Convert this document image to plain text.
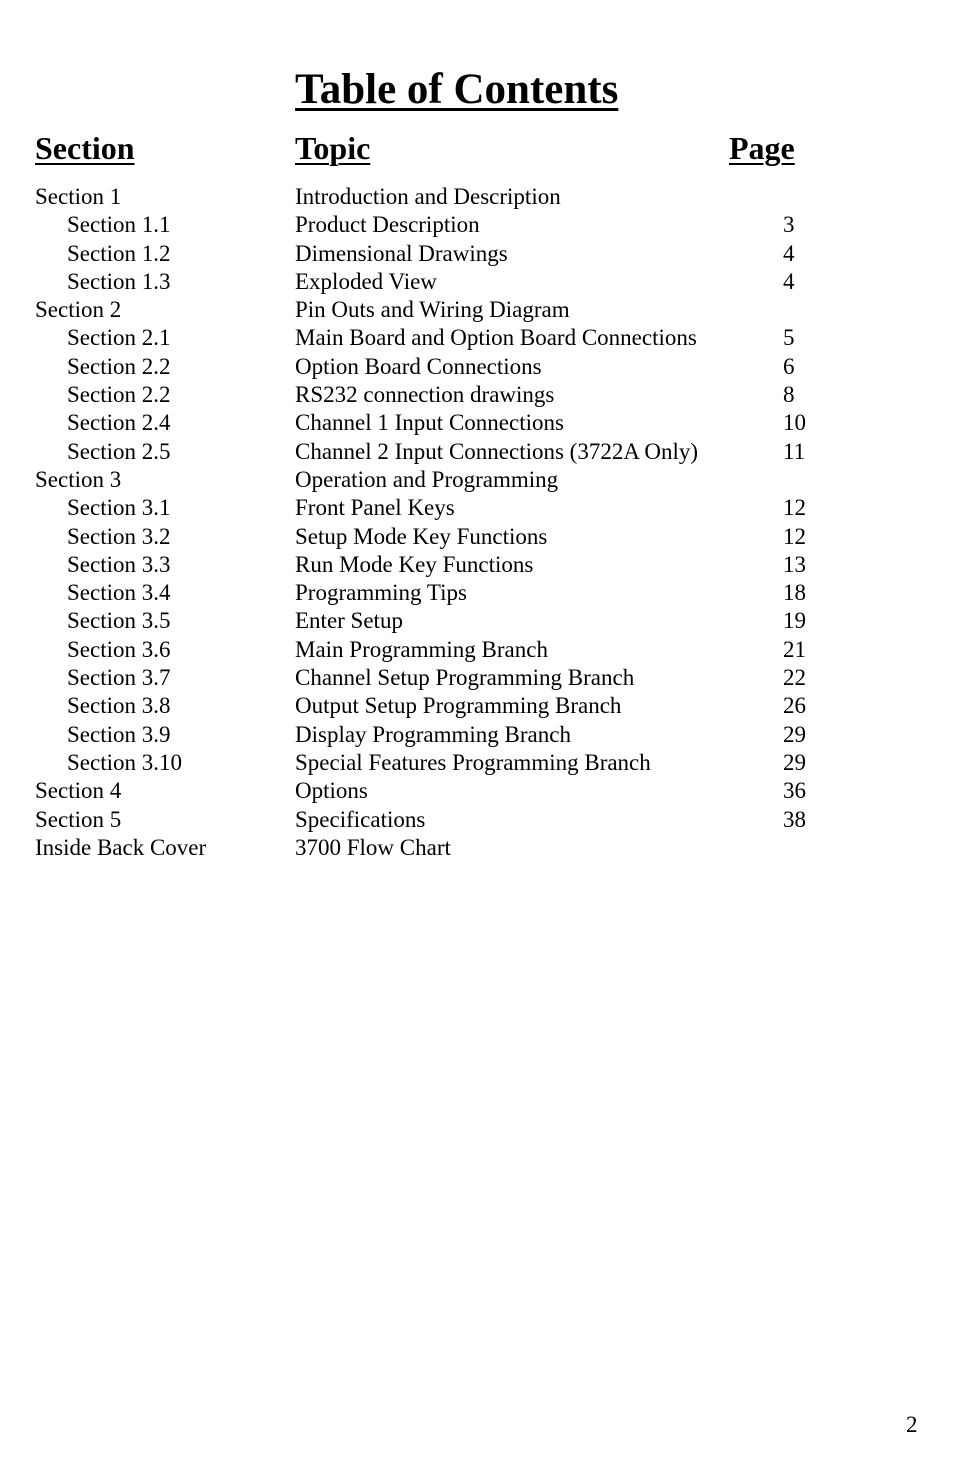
Table of Contents
Section	Topic	Page
Section 1	Introduction and Description
Section 1.1	Product Description	3
Section 1.2	Dimensional Drawings	4
Section 1.3	Exploded View	4
Section 2	Pin Outs and Wiring Diagram
Section 2.1	Main Board and Option Board Connections	5
Section 2.2	Option Board Connections	6
Section 2.2	RS232 connection drawings	8
Section 2.4	Channel 1 Input Connections	10
Section 2.5	Channel 2 Input Connections (3722A Only)	11
Section 3	Operation and Programming
Section 3.1	Front Panel Keys	12
Section 3.2	Setup Mode Key Functions	12
Section 3.3	Run Mode Key Functions	13
Section 3.4	Programming Tips	18
Section 3.5	Enter Setup	19
Section 3.6	Main Programming Branch	21
Section 3.7	Channel Setup Programming Branch	22
Section 3.8	Output Setup Programming Branch	26
Section 3.9	Display Programming Branch	29
Section 3.10	Special Features Programming Branch	29
Section 4	Options	36
Section 5	Specifications	38
Inside Back Cover	3700 Flow Chart
2
